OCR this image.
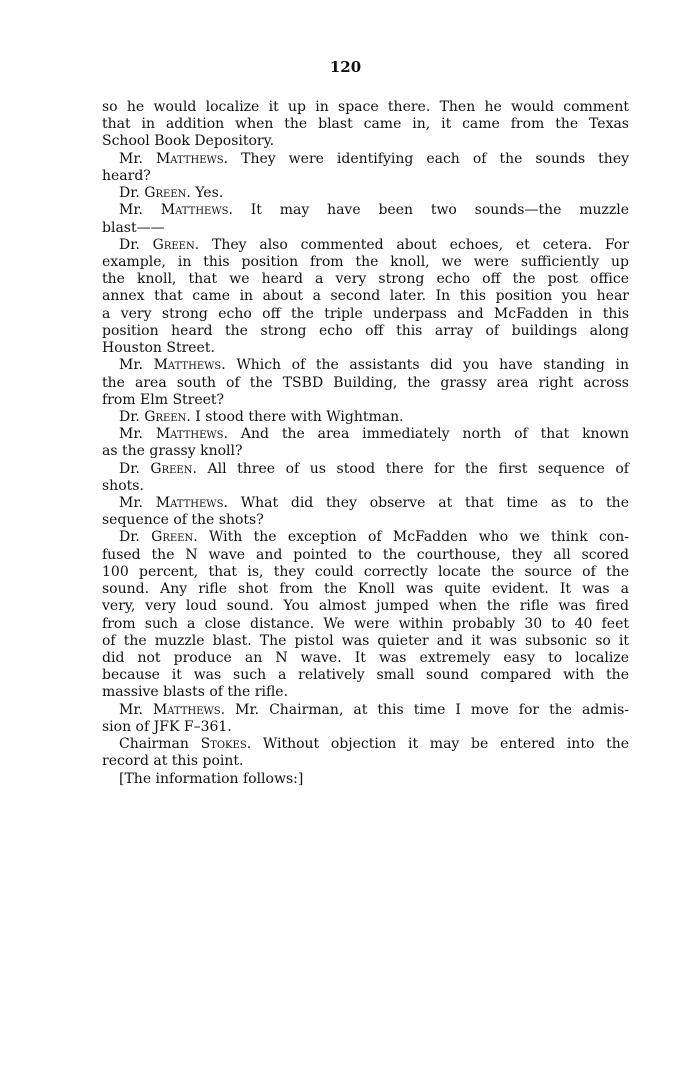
120
so he would localize it up in space there. Then he would comment
that in addition when the blast came in, it came from the Texas
School Book Depository.
Mr. Matthews. They were identifying each of the sounds they
heard?
Dr. Green. Yes.
Mr. Matthews. It may have been two sounds—the muzzle
blast——
Dr. Green. They also commented about echoes, et cetera. For
example, in this position from the knoll, we were sufficiently up
the knoll, that we heard a very strong echo off the post office
annex that came in about a second later. In this position you hear
a very strong echo off the triple underpass and McFadden in this
position heard the strong echo off this array of buildings along
Houston Street.
Mr. Matthews. Which of the assistants did you have standing in
the area south of the TSBD Building, the grassy area right across
from Elm Street?
Dr. Green. I stood there with Wightman.
Mr. Matthews. And the area immediately north of that known
as the grassy knoll?
Dr. Green. All three of us stood there for the first sequence of
shots.
Mr. Matthews. What did they observe at that time as to the
sequence of the shots?
Dr. Green. With the exception of McFadden who we think con-
fused the N wave and pointed to the courthouse, they all scored
100 percent, that is, they could correctly locate the source of the
sound. Any rifle shot from the Knoll was quite evident. It was a
very, very loud sound. You almost jumped when the rifle was fired
from such a close distance. We were within probably 30 to 40 feet
of the muzzle blast. The pistol was quieter and it was subsonic so it
did not produce an N wave. It was extremely easy to localize
because it was such a relatively small sound compared with the
massive blasts of the rifle.
Mr. Matthews. Mr. Chairman, at this time I move for the admis-
sion of JFK F–361.
Chairman Stokes. Without objection it may be entered into the
record at this point.
[The information follows:]
